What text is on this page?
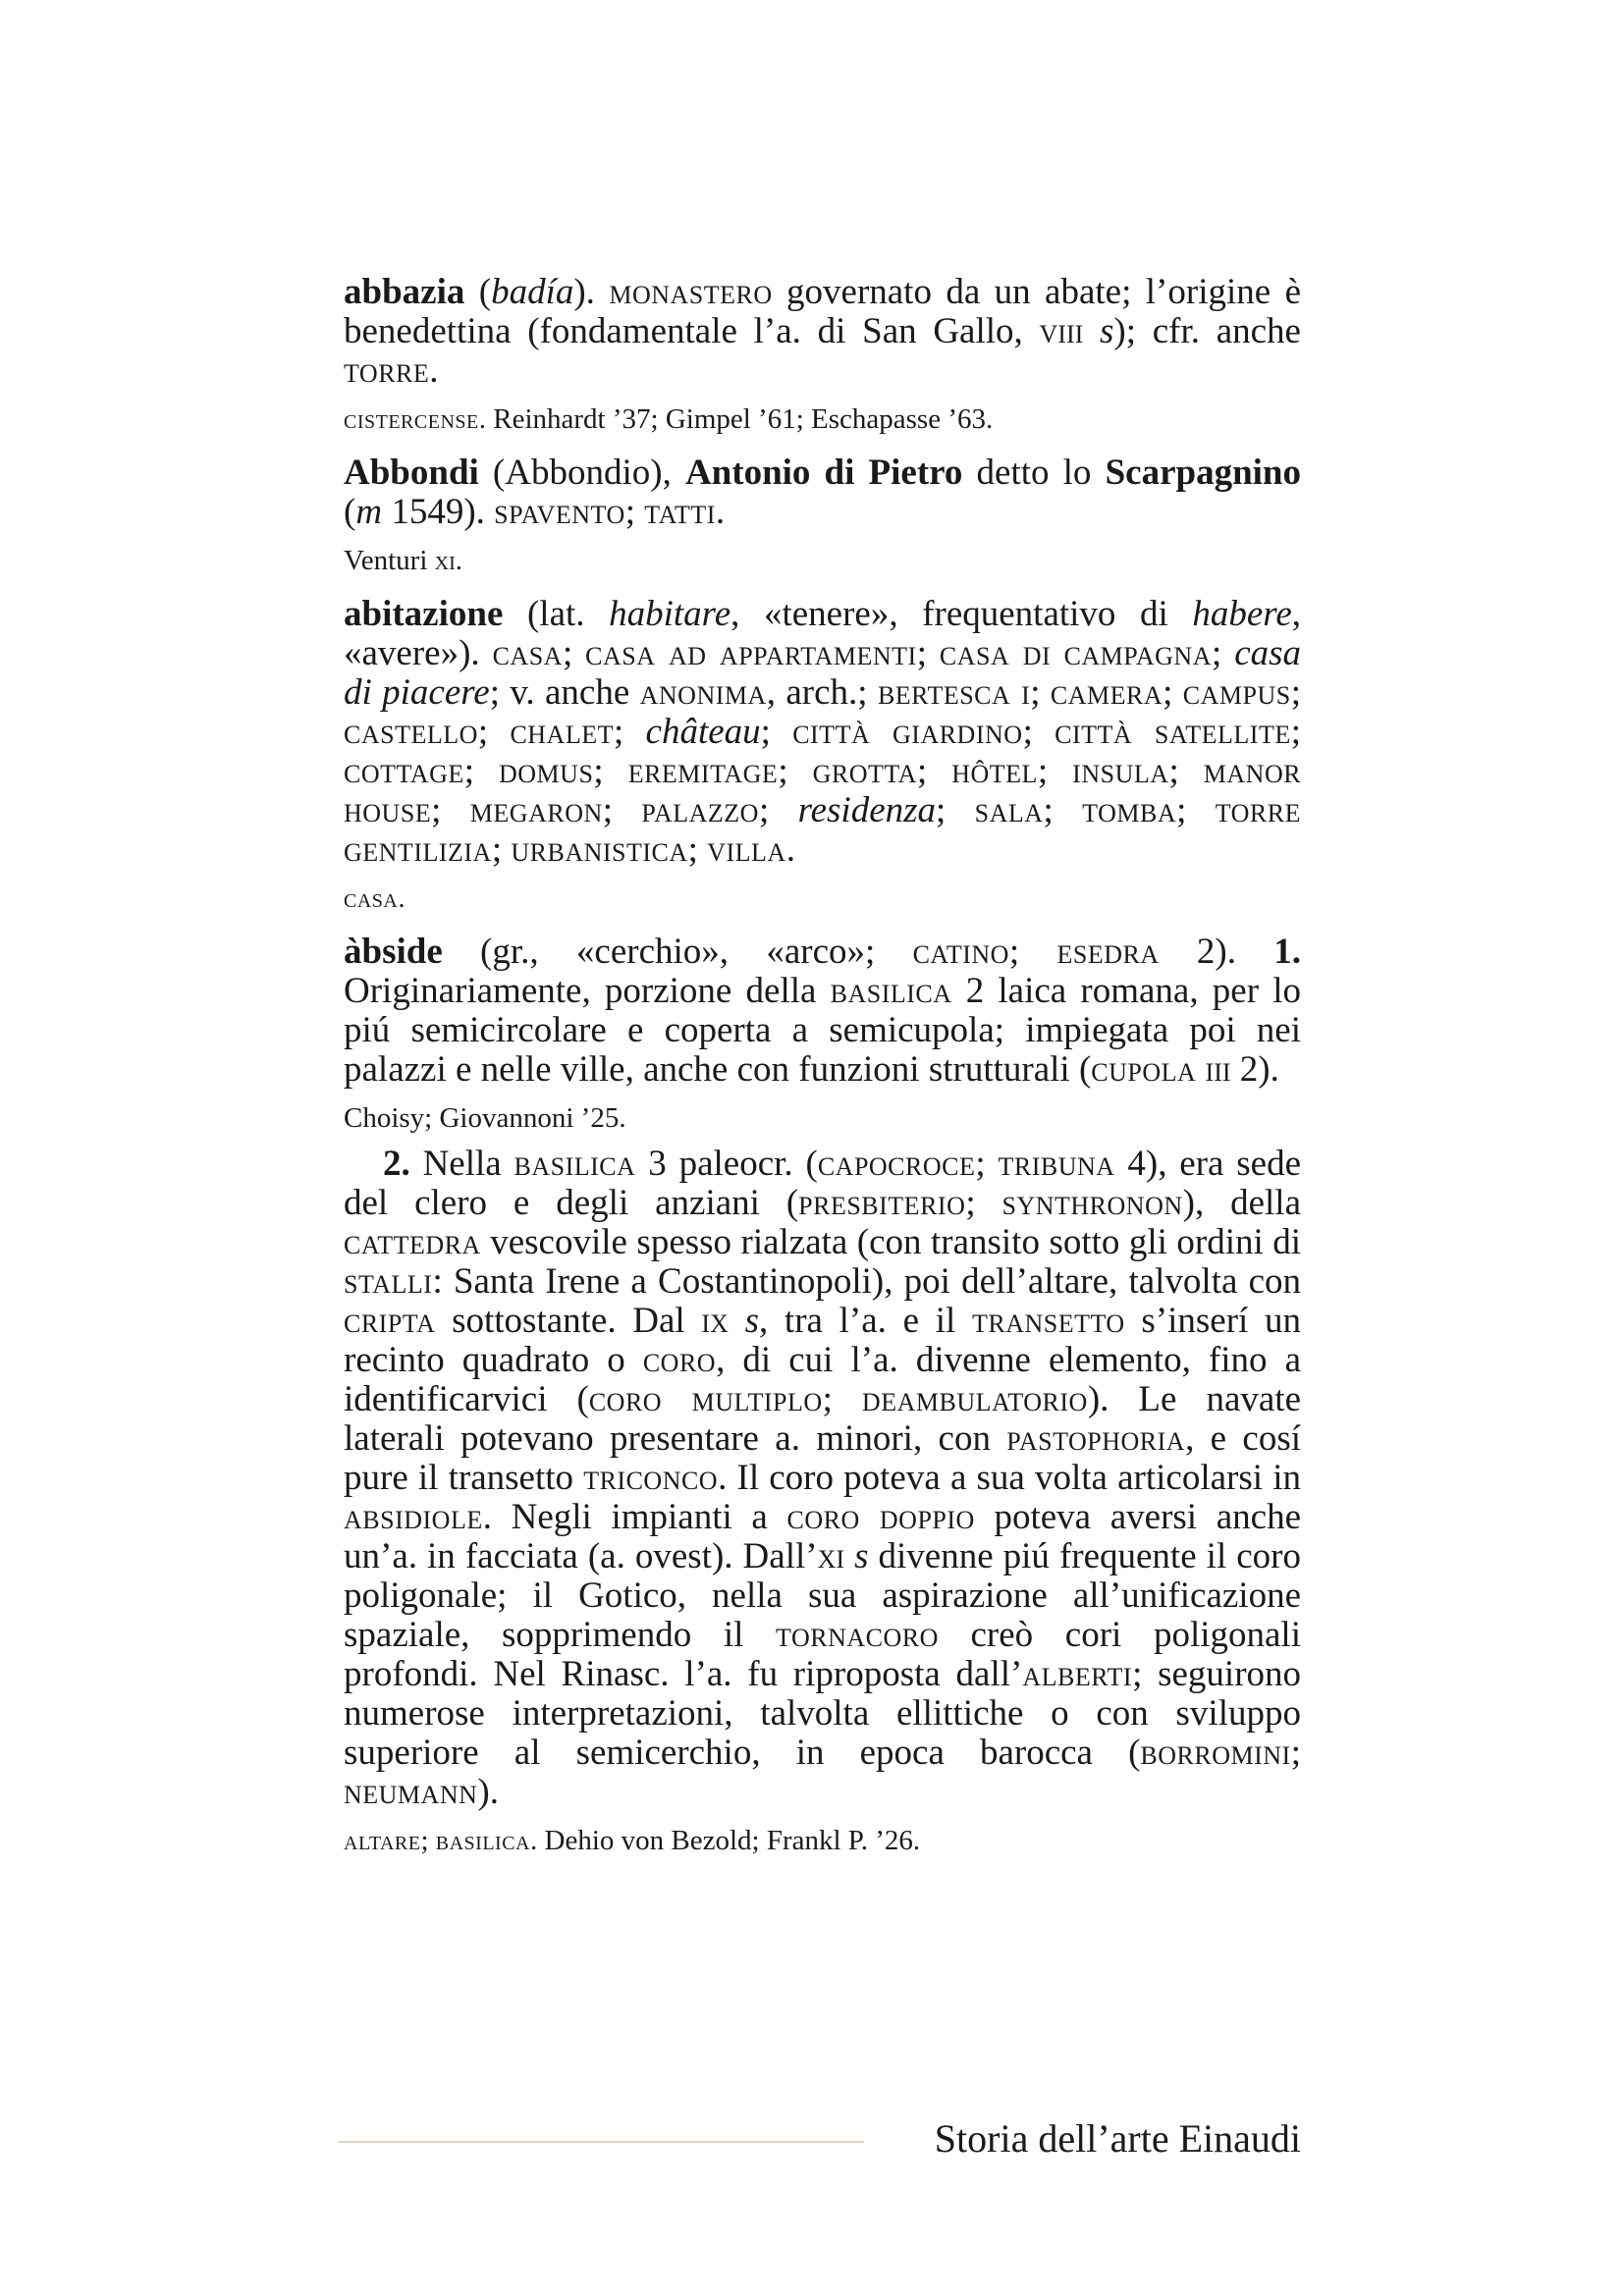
abbazia (badía). monastero governato da un abate; l’origine è benedettina (fondamentale l’a. di San Gallo, viii s); cfr. anche torre.

cistercense. Reinhardt ’37; Gimpel ’61; Eschapasse ’63.

Abbondi (Abbondio), Antonio di Pietro detto lo Scarpagnino (m 1549). spavento; tatti.

Venturi xi.

abitazione (lat. habitare, «tenere», frequentativo di habere, «avere»). casa; casa ad appartamenti; casa di campagna; casa di piacere; v. anche anonima, arch.; bertesca i; camera; campus; castello; chalet; château; città giardino; città satellite; cottage; domus; eremitage; grotta; hôtel; insula; manor house; megaron; palazzo; residenza; sala; tomba; torre gentilizia; urbanistica; villa.

casa.

àbside (gr., «cerchio», «arco»; catino; esedra 2). 1. Originariamente, porzione della basilica 2 laica romana, per lo piú semicircolare e coperta a semicupola; impiegata poi nei palazzi e nelle ville, anche con funzioni strutturali (cupola iii 2).

Choisy; Giovannoni ’25.

2. Nella basilica 3 paleocr. (capocroce; tribuna 4), era sede del clero e degli anziani (presbiterio; synthronon), della cattedra vescovile spesso rialzata (con transito sotto gli ordini di stalli: Santa Irene a Costantinopoli), poi dell’altare, talvolta con cripta sottostante. Dal ix s, tra l’a. e il transetto s’inserí un recinto quadrato o coro, di cui l’a. divenne elemento, fino a identificarvici (coro multiplo; deambulatorio). Le navate laterali potevano presentare a. minori, con pastophoria, e cosí pure il transetto triconco. Il coro poteva a sua volta articolarsi in absidiole. Negli impianti a coro doppio poteva aversi anche un’a. in facciata (a. ovest). Dall’xi s divenne piú frequente il coro poligonale; il Gotico, nella sua aspirazione all’unificazione spaziale, sopprimendo il tornacoro creò cori poligonali profondi. Nel Rinasc. l’a. fu riproposta dall’alberti; seguirono numerose interpretazioni, talvolta ellittiche o con sviluppo superiore al semicerchio, in epoca barocca (borromini; neumann).

altare; basilica. Dehio von Bezold; Frankl P. ’26.

Storia dell’arte Einaudi
